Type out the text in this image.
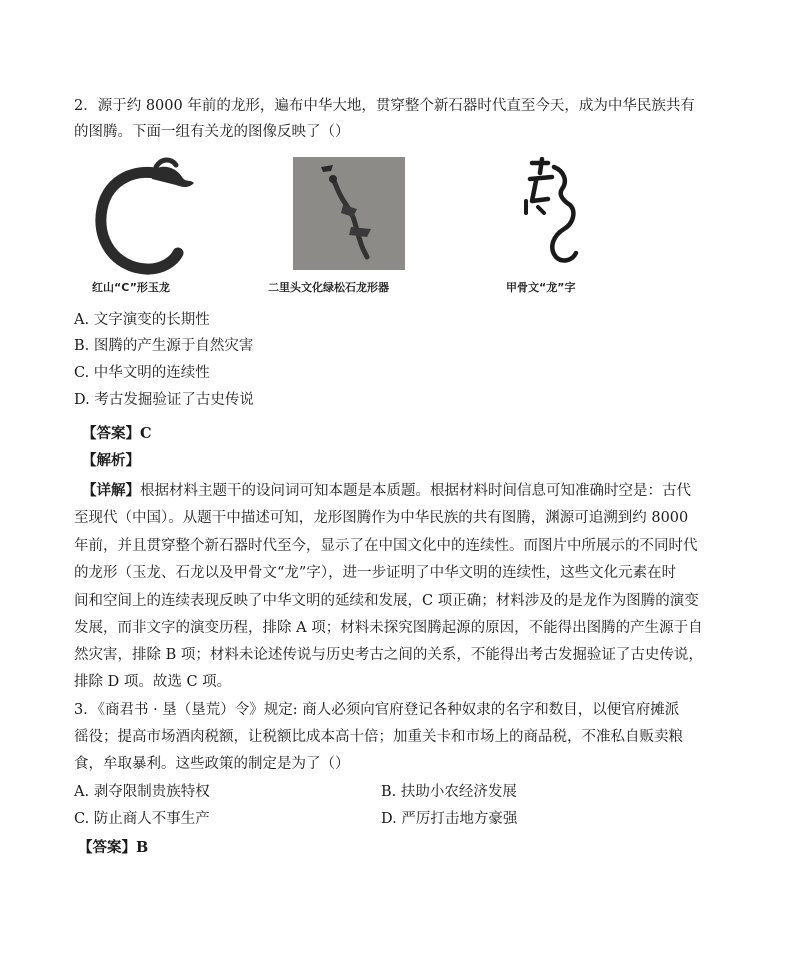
2．源于约 8000 年前的龙形，遍布中华大地，贯穿整个新石器时代直至今天，成为中华民族共有
的图腾。下面一组有关龙的图像反映了（）
红山“C”形玉龙	二里头文化绿松石龙形器	甲骨文“龙”字
A. 文字演变的长期性
B. 图腾的产生源于自然灾害
C. 中华文明的连续性
D. 考古发掘验证了古史传说
【答案】C
【解析】
【详解】根据材料主题干的设问词可知本题是本质题。根据材料时间信息可知准确时空是：古代
至现代（中国）。从题干中描述可知，龙形图腾作为中华民族的共有图腾，渊源可追溯到约 8000
年前，并且贯穿整个新石器时代至今，显示了在中国文化中的连续性。而图片中所展示的不同时代
的龙形（玉龙、石龙以及甲骨文“龙”字），进一步证明了中华文明的连续性，这些文化元素在时
间和空间上的连续表现反映了中华文明的延续和发展，C 项正确；材料涉及的是龙作为图腾的演变
发展，而非文字的演变历程，排除 A 项；材料未探究图腾起源的原因，不能得出图腾的产生源于自
然灾害，排除 B 项；材料未论述传说与历史考古之间的关系，不能得出考古发掘验证了古史传说，
排除 D 项。故选 C 项。
3．《商君书 · 垦（垦荒）令》规定: 商人必须向官府登记各种奴隶的名字和数目，以便官府摊派
徭役；提高市场酒肉税额，让税额比成本高十倍；加重关卡和市场上的商品税，不准私自贩卖粮
食，牟取暴利。这些政策的制定是为了（）
A. 剥夺限制贵族特权	B. 扶助小农经济发展
C. 防止商人不事生产	D. 严厉打击地方豪强
【答案】B
